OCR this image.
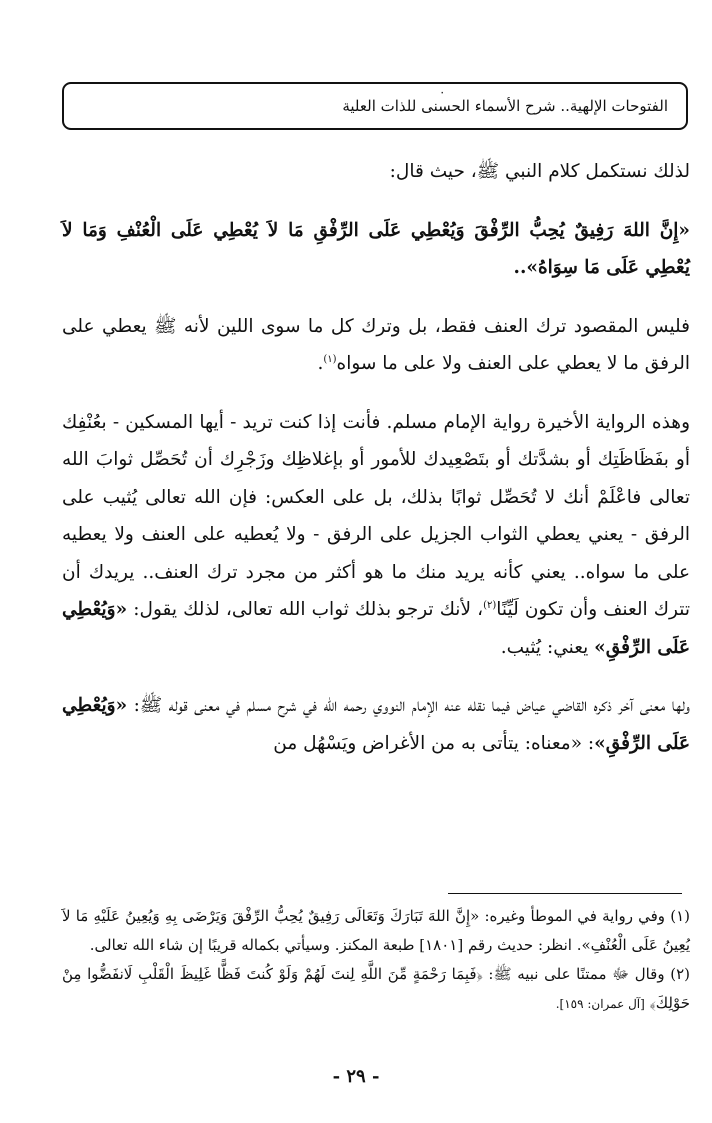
٠
الفتوحات الإلهية.. شرح الأسماء الحسنى للذات العلية

لذلك نستكمل كلام النبي ﷺ، حيث قال:

«إِنَّ اللهَ رَفِيقٌ يُحِبُّ الرِّفْقَ وَيُعْطِي عَلَى الرِّفْقِ مَا لاَ يُعْطِي عَلَى الْعُنْفِ وَمَا لاَ يُعْطِي عَلَى مَا سِوَاهُ»..

فليس المقصود ترك العنف فقط، بل وترك كل ما سوى اللين لأنه ﷺ يعطي على الرفق ما لا يعطي على العنف ولا على ما سواه$^{(١)}$.

وهذه الرواية الأخيرة رواية الإمام مسلم. فأنت إذا كنت تريد - أيها المسكين - بعُنْفِك أو بفَظَاظَتِك أو بشدَّتك أو بتَصْعِيدك للأمور أو بإغلاظِك وزَجْرِك أن تُحَصِّل ثوابَ الله تعالى فاعْلَمْ أنك لا تُحَصِّل ثوابًا بذلك، بل على العكس: فإن الله تعالى يُثيب على الرفق - يعني يعطي الثواب الجزيل على الرفق - ولا يُعطيه على العنف ولا يعطيه على ما سواه.. يعني كأنه يريد منك ما هو أكثر من مجرد ترك العنف.. يريدك أن تترك العنف وأن تكون لَيِّنًا$^{(٢)}$، لأنك ترجو بذلك ثواب الله تعالى، لذلك يقول: «وَيُعْطِي عَلَى الرِّفْقِ» يعني: يُثيب.

ولها معنى آخر ذكره القاضي عياض فيما نقله عنه الإمام النووي رحمه الله في شرح مسلم في معنى قوله ﷺ: «وَيُعْطِي عَلَى الرِّفْقِ»: «معناه: يتأتى به من الأغراض ويَسْهُل من

(١) وفي رواية في الموطأ وغيره: «إِنَّ اللهَ تَبَارَكَ وَتَعَالَى رَفِيقٌ يُحِبُّ الرِّفْقَ وَيَرْضَى بِهِ وَيُعِينُ عَلَيْهِ مَا لاَ يُعِينُ عَلَى الْعُنْفِ». انظر: حديث رقم [١٨٠١] طبعة المكنز. وسيأتي بكماله قريبًا إن شاء الله تعالى.

(٢) وقال ﷻ ممتنًا على نبيه ﷺ: ﴿فَبِمَا رَحْمَةٍ مِّنَ اللَّهِ لِنتَ لَهُمْ وَلَوْ كُنتَ فَظًّا غَلِيظَ الْقَلْبِ لَانفَضُّوا مِنْ حَوْلِكَ﴾ [آل عمران: ١٥٩].

- ٢٩ -
